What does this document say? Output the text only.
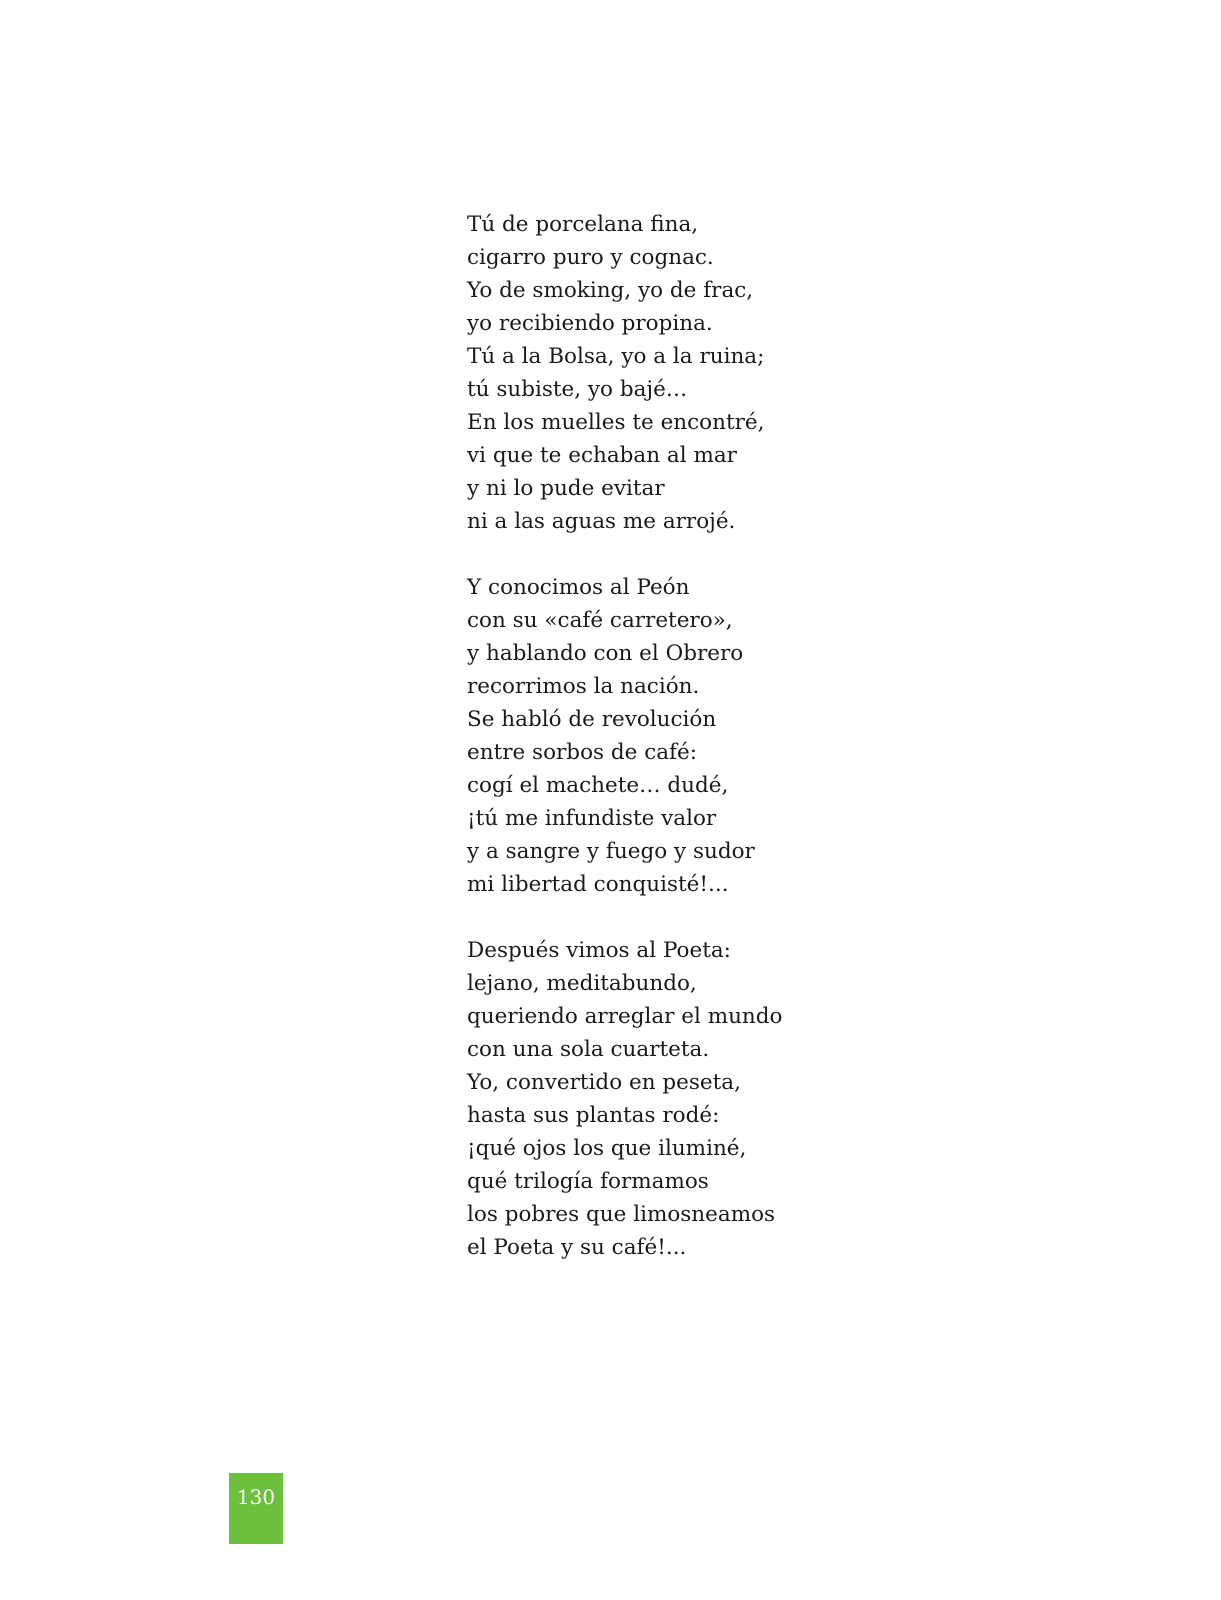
Tú de porcelana fina,
cigarro puro y cognac.
Yo de smoking, yo de frac,
yo recibiendo propina.
Tú a la Bolsa, yo a la ruina;
tú subiste, yo bajé…
En los muelles te encontré,
vi que te echaban al mar
y ni lo pude evitar
ni a las aguas me arrojé.
Y conocimos al Peón
con su «café carretero»,
y hablando con el Obrero
recorrimos la nación.
Se habló de revolución
entre sorbos de café:
cogí el machete… dudé,
¡tú me infundiste valor
y a sangre y fuego y sudor
mi libertad conquisté!...
Después vimos al Poeta:
lejano, meditabundo,
queriendo arreglar el mundo
con una sola cuarteta.
Yo, convertido en peseta,
hasta sus plantas rodé:
¡qué ojos los que iluminé,
qué trilogía formamos
los pobres que limosneamos
el Poeta y su café!...
130
